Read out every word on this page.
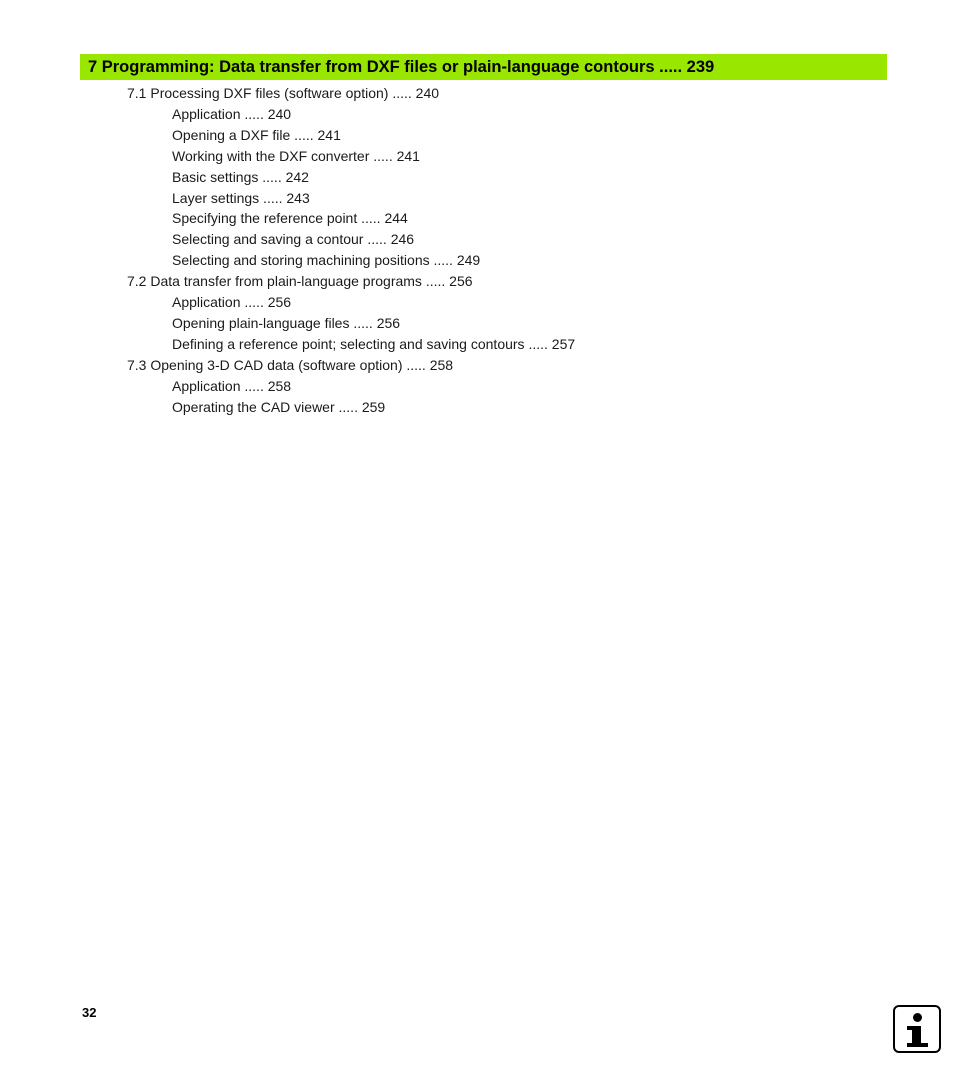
7 Programming: Data transfer from DXF files or plain-language contours ..... 239
7.1 Processing DXF files (software option) ..... 240
Application ..... 240
Opening a DXF file ..... 241
Working with the DXF converter ..... 241
Basic settings ..... 242
Layer settings ..... 243
Specifying the reference point ..... 244
Selecting and saving a contour ..... 246
Selecting and storing machining positions ..... 249
7.2 Data transfer from plain-language programs ..... 256
Application ..... 256
Opening plain-language files ..... 256
Defining a reference point; selecting and saving contours ..... 257
7.3 Opening 3-D CAD data (software option) ..... 258
Application ..... 258
Operating the CAD viewer ..... 259
32
